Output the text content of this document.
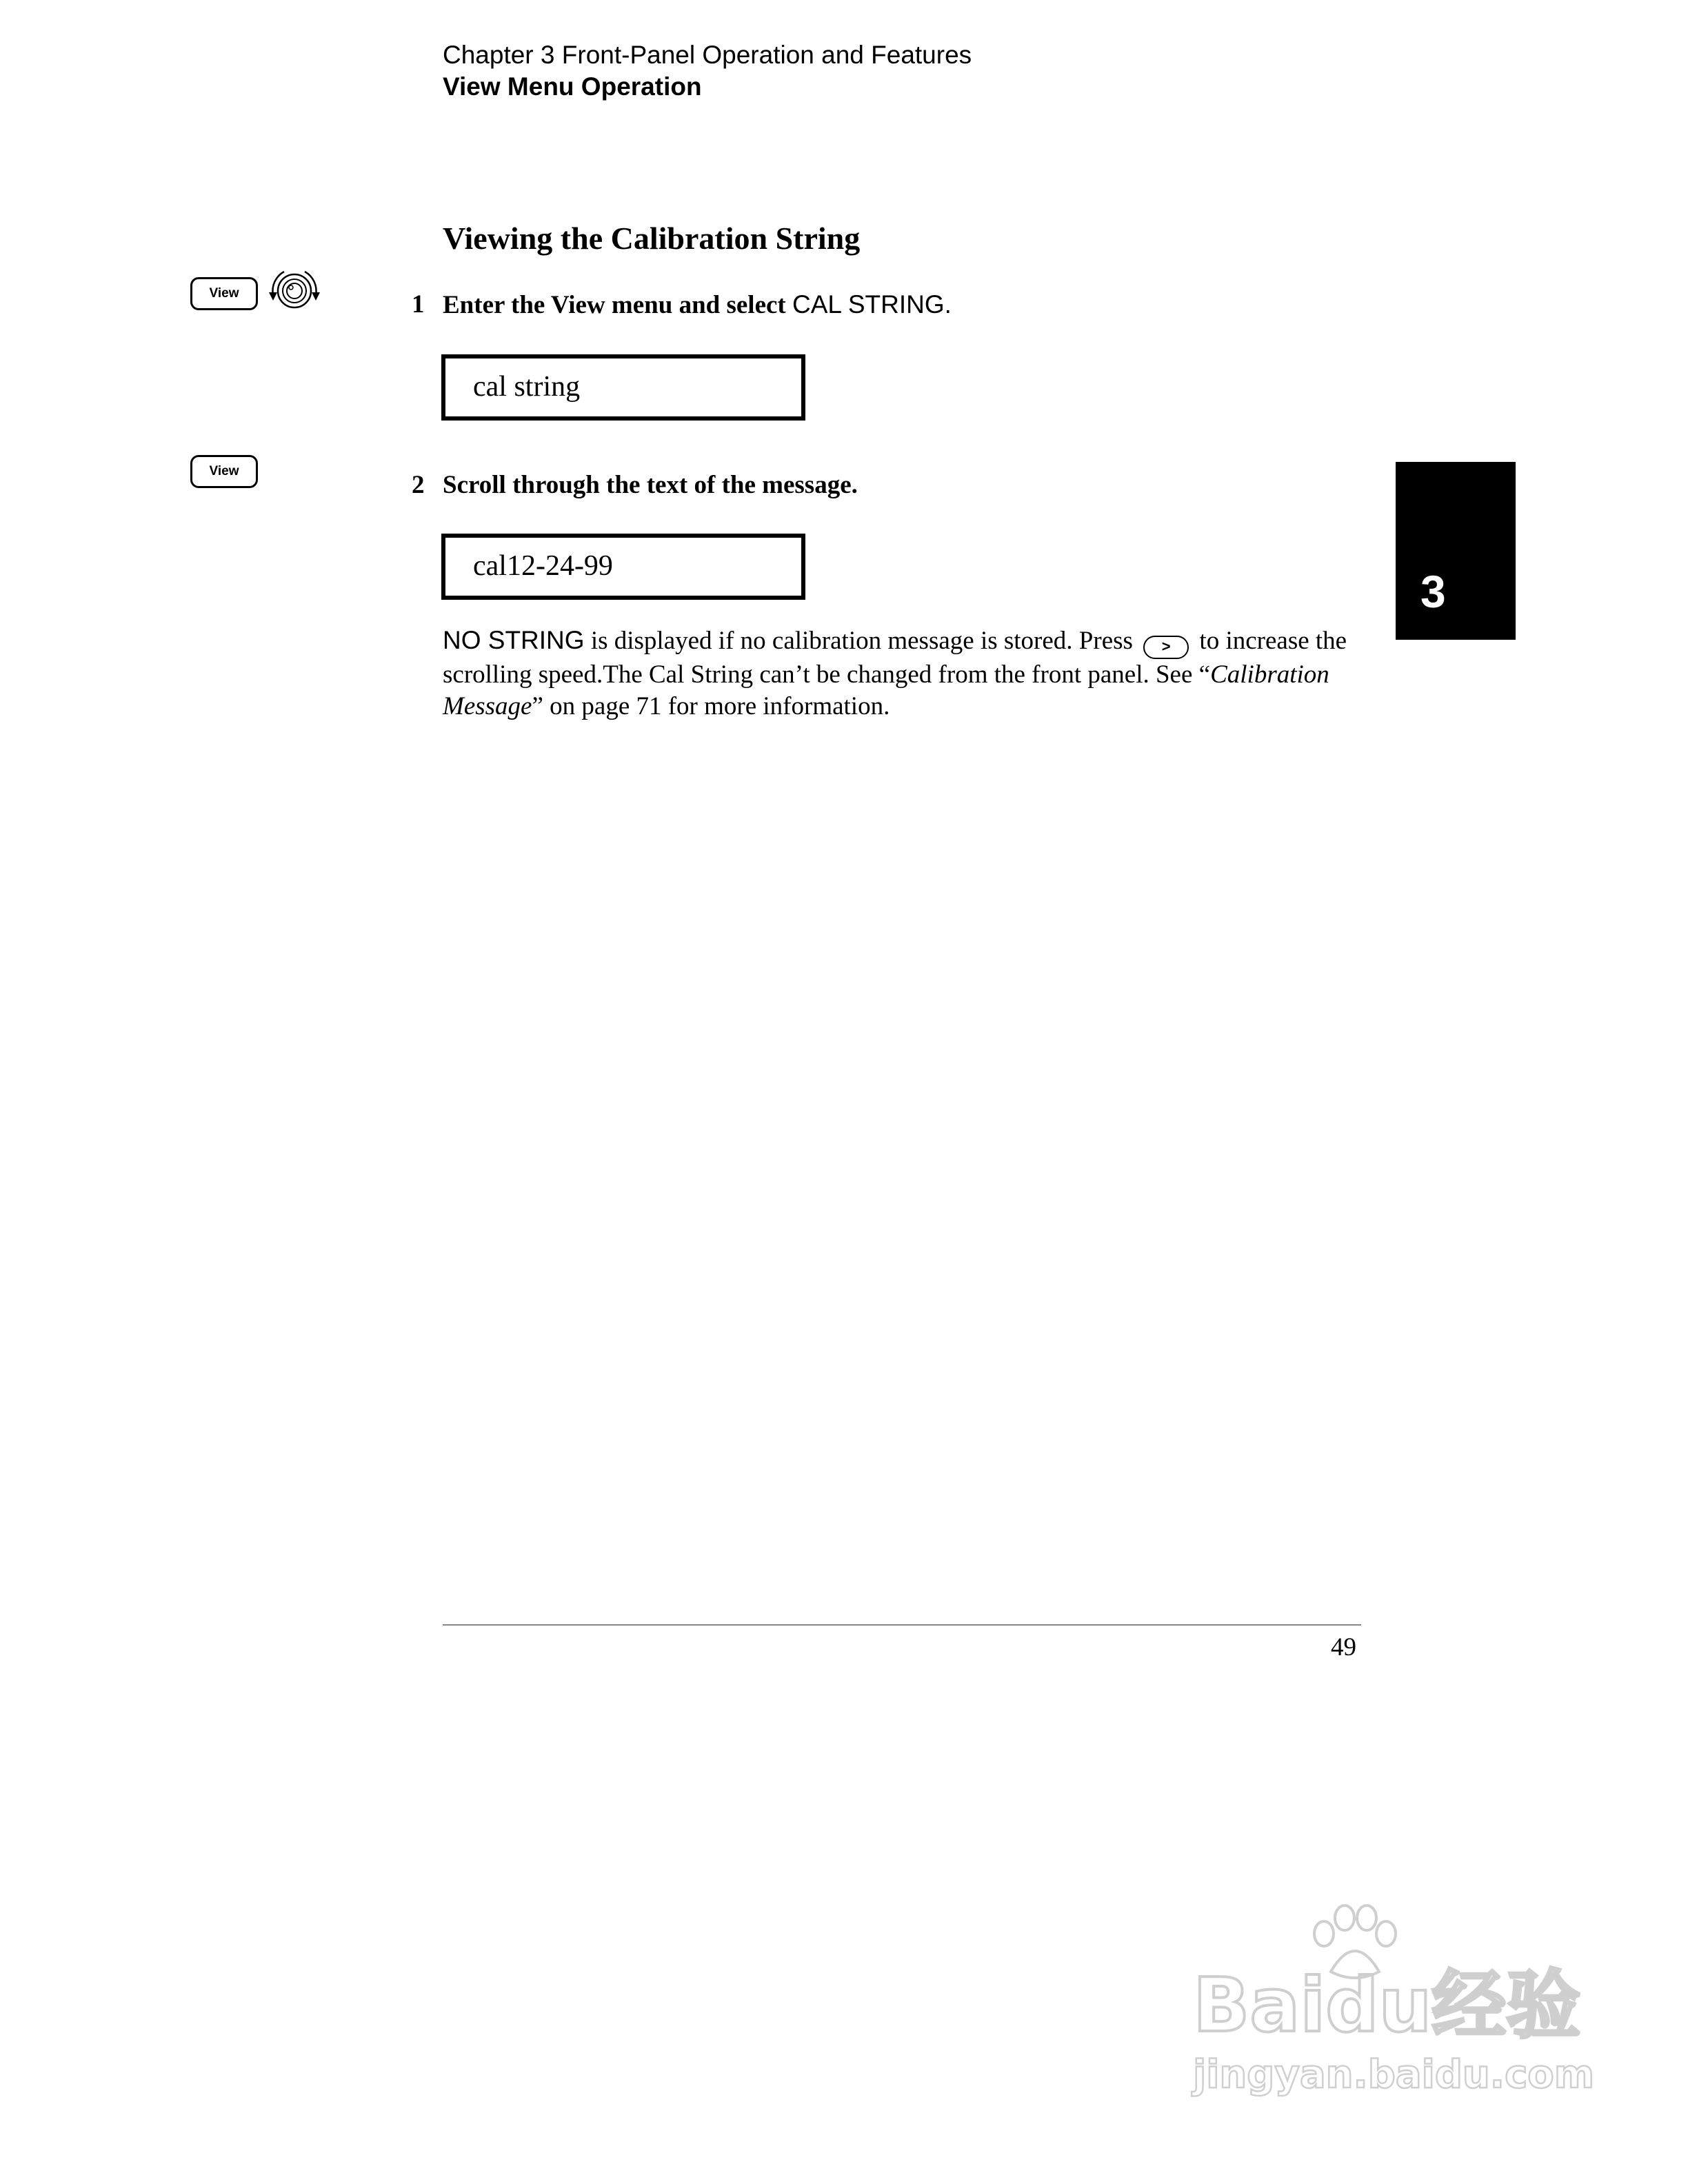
Chapter 3 Front-Panel Operation and Features
View Menu Operation
Viewing the Calibration String
View
View
1 Enter the View menu and select CAL STRING.
cal string
2 Scroll through the text of the message.
cal12-24-99
NO STRING is displayed if no calibration message is stored. Press > to increase the scrolling speed.The Cal String can’t be changed from the front panel. See “Calibration Message” on page 71 for more information.
3
49
Baidu经验
jingyan.baidu.com
